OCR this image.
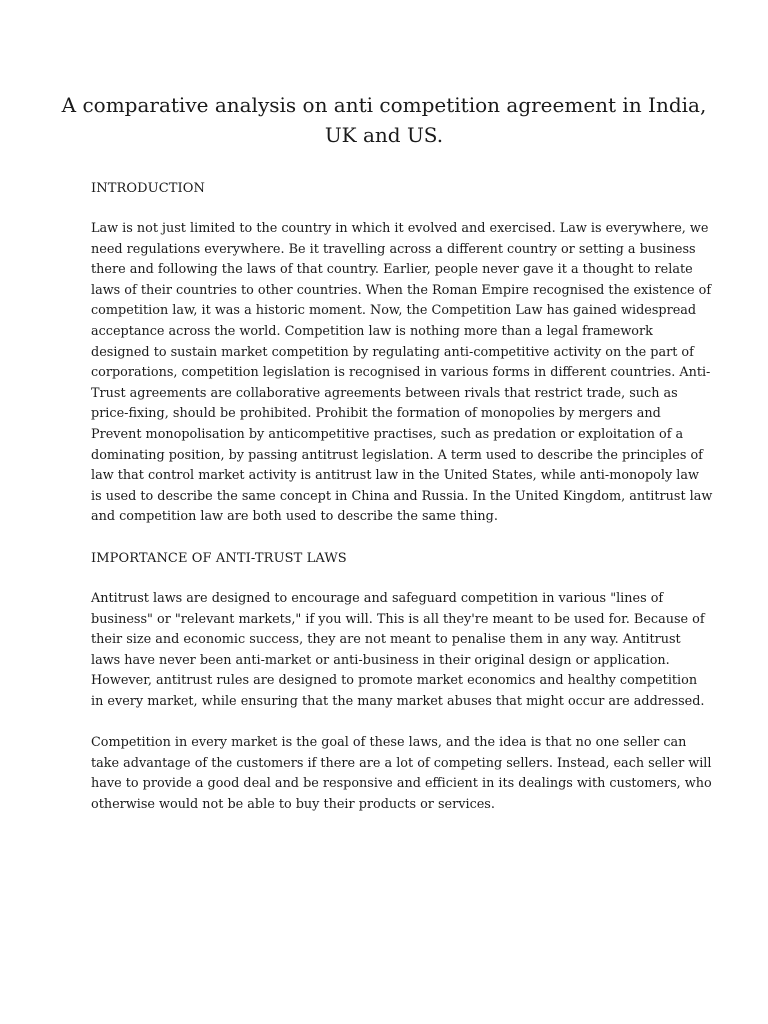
A comparative analysis on anti competition agreement in India, UK and US.
INTRODUCTION

Law is not just limited to the country in which it evolved and exercised. Law is everywhere, we need regulations everywhere. Be it travelling across a different country or setting a business there and following the laws of that country. Earlier, people never gave it a thought to relate laws of their countries to other countries. When the Roman Empire recognised the existence of competition law, it was a historic moment. Now, the Competition Law has gained widespread acceptance across the world. Competition law is nothing more than a legal framework designed to sustain market competition by regulating anti-competitive activity on the part of corporations, competition legislation is recognised in various forms in different countries. Anti-Trust agreements are collaborative agreements between rivals that restrict trade, such as price-fixing, should be prohibited. Prohibit the formation of monopolies by mergers and Prevent monopolisation by anticompetitive practises, such as predation or exploitation of a dominating position, by passing antitrust legislation. A term used to describe the principles of law that control market activity is antitrust law in the United States, while anti-monopoly law is used to describe the same concept in China and Russia. In the United Kingdom, antitrust law and competition law are both used to describe the same thing.

IMPORTANCE OF ANTI-TRUST LAWS

Antitrust laws are designed to encourage and safeguard competition in various "lines of business" or "relevant markets," if you will. This is all they're meant to be used for. Because of their size and economic success, they are not meant to penalise them in any way. Antitrust laws have never been anti-market or anti-business in their original design or application. However, antitrust rules are designed to promote market economics and healthy competition in every market, while ensuring that the many market abuses that might occur are addressed.

Competition in every market is the goal of these laws, and the idea is that no one seller can take advantage of the customers if there are a lot of competing sellers. Instead, each seller will have to provide a good deal and be responsive and efficient in its dealings with customers, who otherwise would not be able to buy their products or services.
